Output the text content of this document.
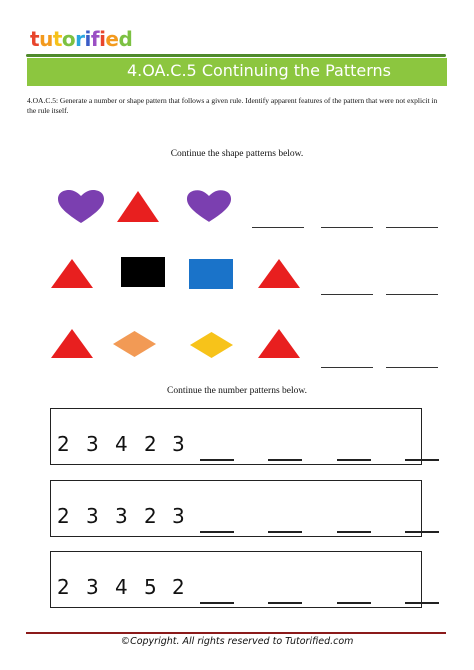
tutorified
4.OA.C.5 Continuing the Patterns
4.OA.C.5: Generate a number or shape pattern that follows a given rule. Identify apparent features of the pattern that were not explicit in the rule itself.
Continue the shape patterns below.
Continue the number patterns below.
2 3 4 2 3
2 3 3 2 3
2 3 4 5 2
©Copyright. All rights reserved to Tutorified.com
